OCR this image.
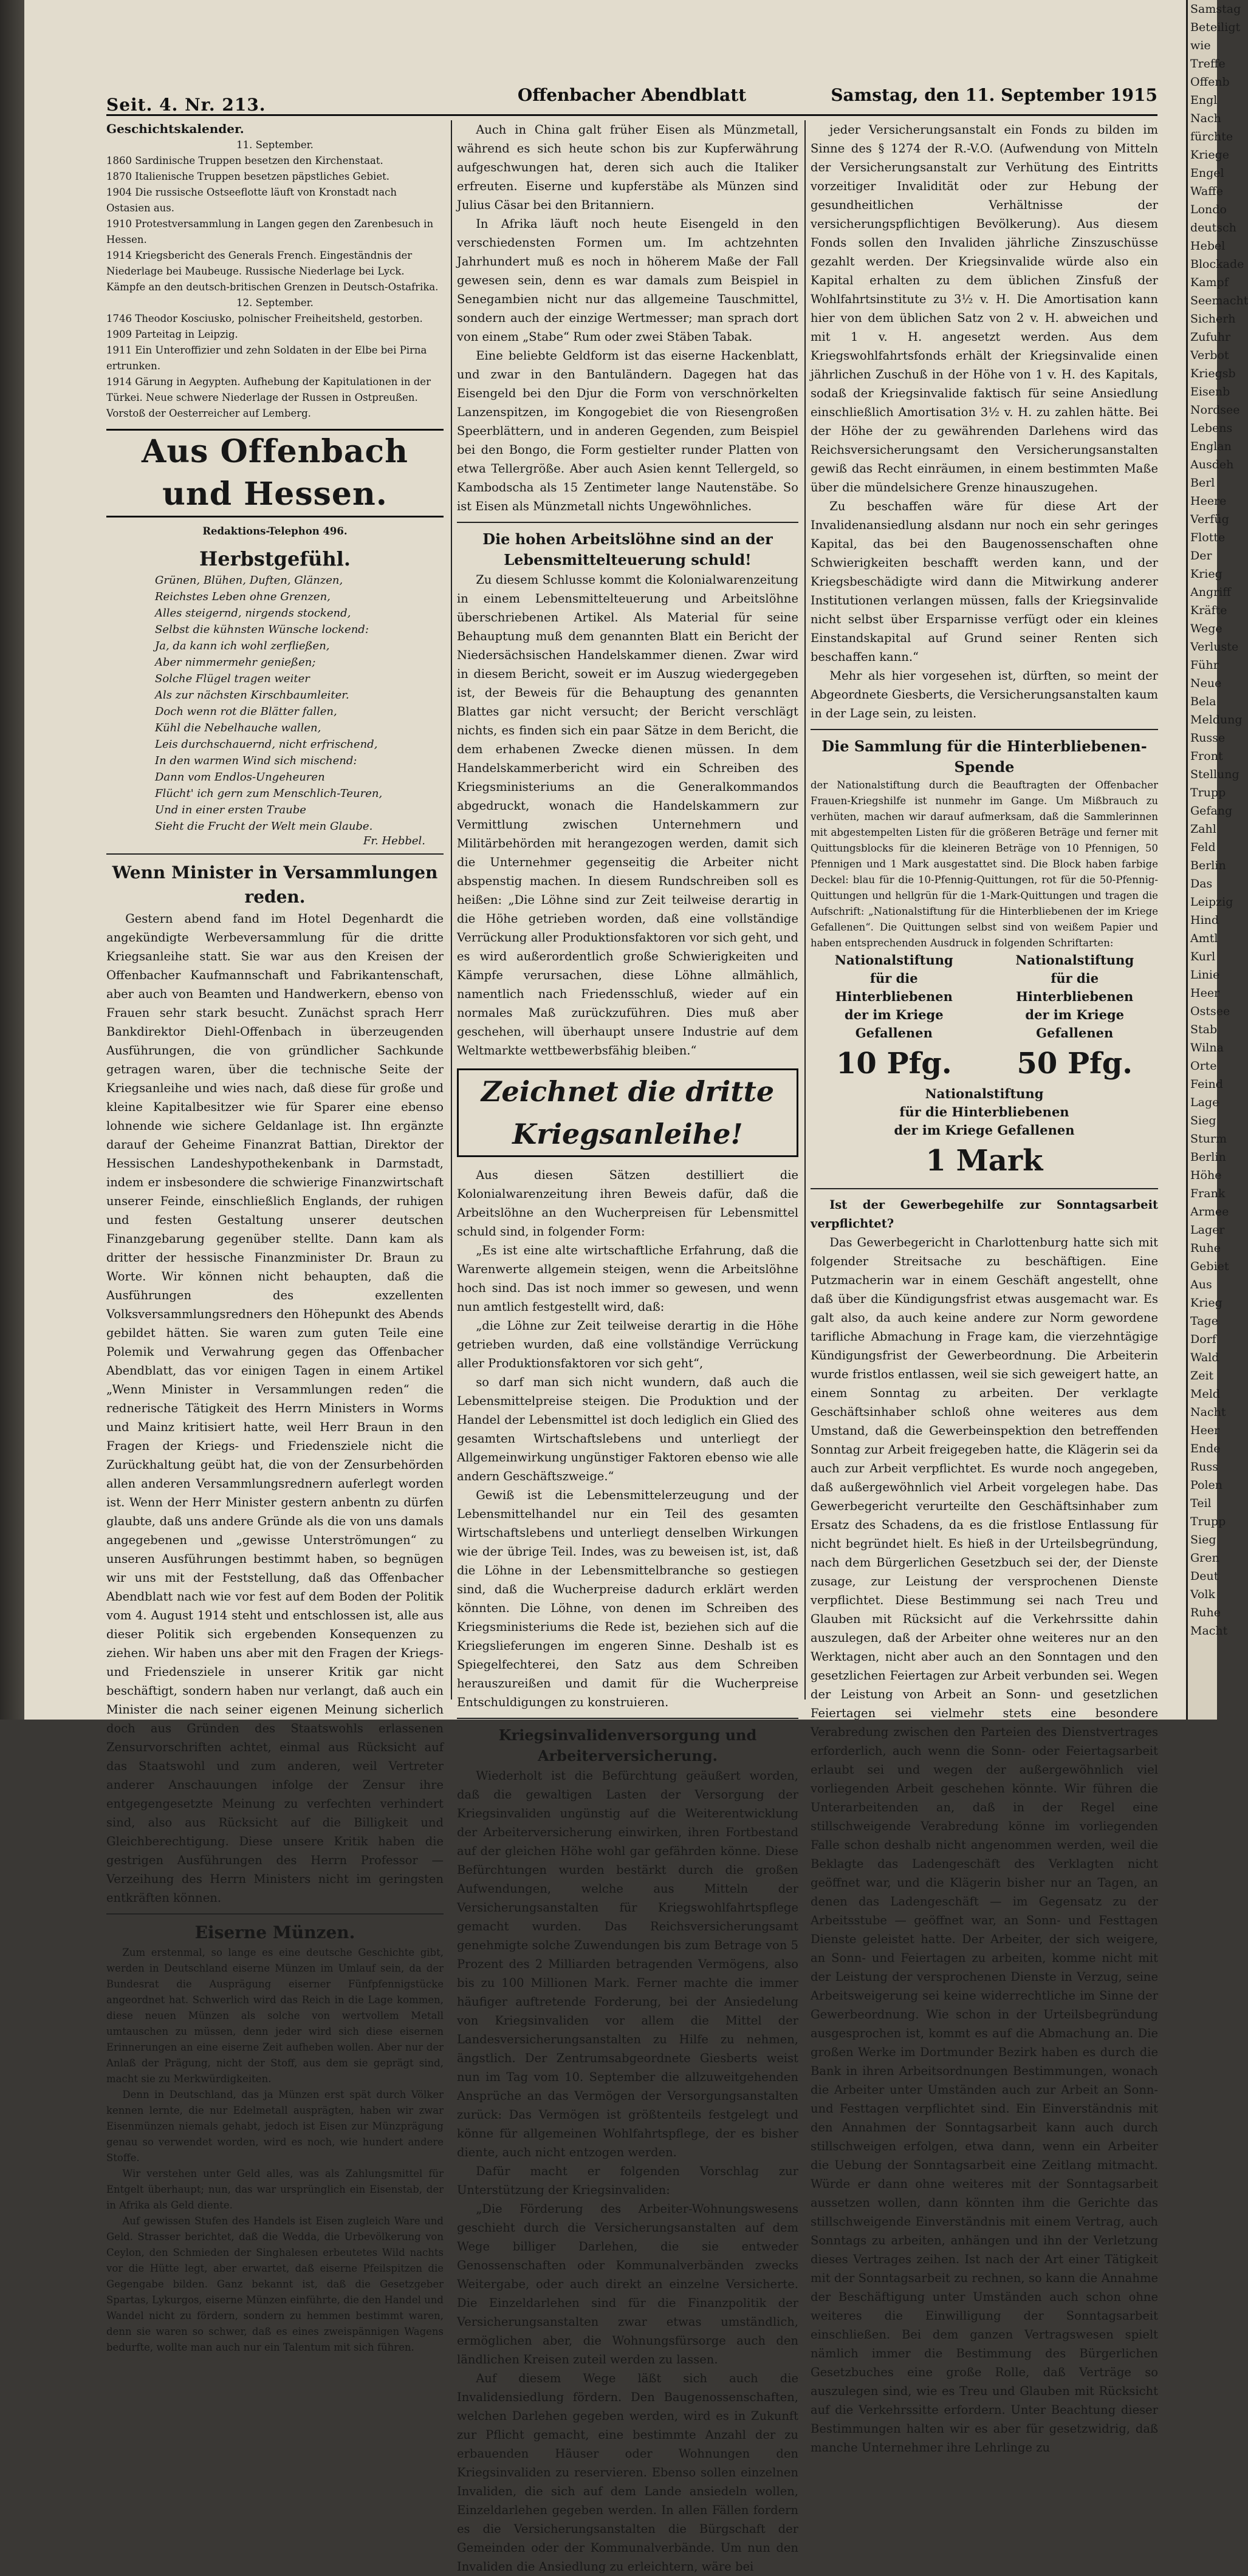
Samstag
Beteiligt
wie
Treffe
Offenb
Engl
Nach
fürchte
Kriege
Engel
Waffe
Londo
deutsch
Hebel
Blockade
Kampf
Seemacht
Sicherh
Zufuhr
Verbot
Kriegsb
Eisenb
Nordsee
Lebens
Englan
Ausdeh
Berl
Heere
Verfüg
Flotte
Der
Krieg
Angriff
Kräfte
Wege
Verluste
Führ
Neue
Bela
Meldung
Russe
Front
Stellung
Trupp
Gefang
Zahl
Feld
Berlin
Das
Leipzig
Hind
Amtl
Kurl
Linie
Heer
Ostsee
Stab
Wilna
Orte
Feind
Lage
Sieg
Sturm
Berlin
Höhe
Frank
Armee
Lager
Ruhe
Gebiet
Aus
Krieg
Tage
Dorf
Wald
Zeit
Meld
Nacht
Heer
Ende
Russ
Polen
Teil
Trupp
Sieg
Gren
Deut
Volk
Ruhe
Macht
Seit. 4. Nr. 213.	Offenbacher Abendblatt	Samstag, den 11. September 1915
Geschichtskalender.
11. September.

1860 Sardinische Truppen besetzen den Kirchenstaat.

1870 Italienische Truppen besetzen päpstliches Gebiet.

1904 Die russische Ostseeflotte läuft von Kronstadt nach Ostasien aus.

1910 Protestversammlung in Langen gegen den Zarenbesuch in Hessen.

1914 Kriegsbericht des Generals French. Eingeständnis der Niederlage bei Maubeuge. Russische Niederlage bei Lyck. Kämpfe an den deutsch-britischen Grenzen in Deutsch-Ostafrika.

12. September.

1746 Theodor Kosciusko, polnischer Freiheitsheld, gestorben.

1909 Parteitag in Leipzig.

1911 Ein Unteroffizier und zehn Soldaten in der Elbe bei Pirna ertrunken.

1914 Gärung in Aegypten. Aufhebung der Kapitulationen in der Türkei. Neue schwere Niederlage der Russen in Ostpreußen. Vorstoß der Oesterreicher auf Lemberg.

Aus Offenbach und Hessen.
Redaktions-Telephon 496.
Herbstgefühl.

Grünen, Blühen, Duften, Glänzen,

Reichstes Leben ohne Grenzen,

Alles steigernd, nirgends stockend,

Selbst die kühnsten Wünsche lockend:

Ja, da kann ich wohl zerfließen,

Aber nimmermehr genießen;

Solche Flügel tragen weiter

Als zur nächsten Kirschbaumleiter.

Doch wenn rot die Blätter fallen,

Kühl die Nebelhauche wallen,

Leis durchschauernd, nicht erfrischend,

In den warmen Wind sich mischend:

Dann vom Endlos-Ungeheuren

Flücht' ich gern zum Menschlich-Teuren,

Und in einer ersten Traube

Sieht die Frucht der Welt mein Glaube.

Fr. Hebbel.
Wenn Minister in Versammlungen reden.

Gestern abend fand im Hotel Degenhardt die angekündigte Werbeversammlung für die dritte Kriegsanleihe statt. Sie war aus den Kreisen der Offenbacher Kaufmannschaft und Fabrikantenschaft, aber auch von Beamten und Handwerkern, ebenso von Frauen sehr stark besucht. Zunächst sprach Herr Bankdirektor Diehl-Offenbach in überzeugenden Ausführungen, die von gründlicher Sachkunde getragen waren, über die technische Seite der Kriegsanleihe und wies nach, daß diese für große und kleine Kapitalbesitzer wie für Sparer eine ebenso lohnende wie sichere Geldanlage ist. Ihn ergänzte darauf der Geheime Finanzrat Battian, Direktor der Hessischen Landeshypothekenbank in Darmstadt, indem er insbesondere die schwierige Finanzwirtschaft unserer Feinde, einschließlich Englands, der ruhigen und festen Gestaltung unserer deutschen Finanzgebarung gegenüber stellte. Dann kam als dritter der hessische Finanzminister Dr. Braun zu Worte. Wir können nicht behaupten, daß die Ausführungen des exzellenten Volksversammlungsredners den Höhepunkt des Abends gebildet hätten. Sie waren zum guten Teile eine Polemik und Verwahrung gegen das Offenbacher Abendblatt, das vor einigen Tagen in einem Artikel „Wenn Minister in Versammlungen reden“ die rednerische Tätigkeit des Herrn Ministers in Worms und Mainz kritisiert hatte, weil Herr Braun in den Fragen der Kriegs- und Friedensziele nicht die Zurückhaltung geübt hat, die von der Zensurbehörden allen anderen Versammlungsrednern auferlegt worden ist. Wenn der Herr Minister gestern anbentn zu dürfen glaubte, daß uns andere Gründe als die von uns damals angegebenen und „gewisse Unterströmungen“ zu unseren Ausführungen bestimmt haben, so begnügen wir uns mit der Feststellung, daß das Offenbacher Abendblatt nach wie vor fest auf dem Boden der Politik vom 4. August 1914 steht und entschlossen ist, alle aus dieser Politik sich ergebenden Konsequenzen zu ziehen. Wir haben uns aber mit den Fragen der Kriegs- und Friedensziele in unserer Kritik gar nicht beschäftigt, sondern haben nur verlangt, daß auch ein Minister die nach seiner eigenen Meinung sicherlich doch aus Gründen des Staatswohls erlassenen Zensurvorschriften achtet, einmal aus Rücksicht auf das Staatswohl und zum anderen, weil Vertreter anderer Anschauungen infolge der Zensur ihre entgegengesetzte Meinung zu verfechten verhindert sind, also aus Rücksicht auf die Billigkeit und Gleichberechtigung. Diese unsere Kritik haben die gestrigen Ausführungen des Herrn Professor — Verzeihung des Herrn Ministers nicht im geringsten entkräften können.

Eiserne Münzen.

Zum erstenmal, so lange es eine deutsche Geschichte gibt, werden in Deutschland eiserne Münzen im Umlauf sein, da der Bundesrat die Ausprägung eiserner Fünfpfennigstücke angeordnet hat. Schwerlich wird das Reich in die Lage kommen, diese neuen Münzen als solche von wertvollem Metall umtauschen zu müssen, denn jeder wird sich diese eisernen Erinnerungen an eine eiserne Zeit aufheben wollen. Aber nur der Anlaß der Prägung, nicht der Stoff, aus dem sie geprägt sind, macht sie zu Merkwürdigkeiten.

Denn in Deutschland, das ja Münzen erst spät durch Völker kennen lernte, die nur Edelmetall ausprägten, haben wir zwar Eisenmünzen niemals gehabt, jedoch ist Eisen zur Münzprägung genau so verwendet worden, wird es noch, wie hundert andere Stoffe.

Wir verstehen unter Geld alles, was als Zahlungsmittel für Entgelt überhaupt; nun, das war ursprünglich ein Eisenstab, der in Afrika als Geld diente.

Auf gewissen Stufen des Handels ist Eisen zugleich Ware und Geld. Strasser berichtet, daß die Wedda, die Urbevölkerung von Ceylon, den Schmieden der Singhalesen erbeutetes Wild nachts vor die Hütte legt, aber erwartet, daß eiserne Pfeilspitzen die Gegengabe bilden. Ganz bekannt ist, daß die Gesetzgeber Spartas, Lykurgos, eiserne Münzen einführte, die den Handel und Wandel nicht zu fördern, sondern zu hemmen bestimmt waren, denn sie waren so schwer, daß es eines zweispännigen Wagens bedurfte, wollte man auch nur ein Talentum mit sich führen.

Auch in China galt früher Eisen als Münzmetall, während es sich heute schon bis zur Kupferwährung aufgeschwungen hat, deren sich auch die Italiker erfreuten. Eiserne und kupferstäbe als Münzen sind Julius Cäsar bei den Britanniern.

In Afrika läuft noch heute Eisengeld in den verschiedensten Formen um. Im achtzehnten Jahrhundert muß es noch in höherem Maße der Fall gewesen sein, denn es war damals zum Beispiel in Senegambien nicht nur das allgemeine Tauschmittel, sondern auch der einzige Wertmesser; man sprach dort von einem „Stabe“ Rum oder zwei Stäben Tabak.

Eine beliebte Geldform ist das eiserne Hackenblatt, und zwar in den Bantuländern. Dagegen hat das Eisengeld bei den Djur die Form von verschnörkelten Lanzenspitzen, im Kongogebiet die von Riesengroßen Speerblättern, und in anderen Gegenden, zum Beispiel bei den Bongo, die Form gestielter runder Platten von etwa Tellergröße. Aber auch Asien kennt Tellergeld, so Kambodscha als 15 Zentimeter lange Nautenstäbe. So ist Eisen als Münzmetall nichts Ungewöhnliches.

Die hohen Arbeitslöhne sind an der Lebensmittelteuerung schuld!

Zu diesem Schlusse kommt die Kolonialwarenzeitung in einem Lebensmittelteuerung und Arbeitslöhne überschriebenen Artikel. Als Material für seine Behauptung muß dem genannten Blatt ein Bericht der Niedersächsischen Handelskammer dienen. Zwar wird in diesem Bericht, soweit er im Auszug wiedergegeben ist, der Beweis für die Behauptung des genannten Blattes gar nicht versucht; der Bericht verschlägt nichts, es finden sich ein paar Sätze in dem Bericht, die dem erhabenen Zwecke dienen müssen. In dem Handelskammerbericht wird ein Schreiben des Kriegsministeriums an die Generalkommandos abgedruckt, wonach die Handelskammern zur Vermittlung zwischen Unternehmern und Militärbehörden mit herangezogen werden, damit sich die Unternehmer gegenseitig die Arbeiter nicht abspenstig machen. In diesem Rundschreiben soll es heißen: „Die Löhne sind zur Zeit teilweise derartig in die Höhe getrieben worden, daß eine vollständige Verrückung aller Produktionsfaktoren vor sich geht, und es wird außerordentlich große Schwierigkeiten und Kämpfe verursachen, diese Löhne allmählich, namentlich nach Friedensschluß, wieder auf ein normales Maß zurückzuführen. Dies muß aber geschehen, will überhaupt unsere Industrie auf dem Weltmarkte wettbewerbsfähig bleiben.“

Zeichnet die dritte Kriegsanleihe!

Aus diesen Sätzen destilliert die Kolonialwarenzeitung ihren Beweis dafür, daß die Arbeitslöhne an den Wucherpreisen für Lebensmittel schuld sind, in folgender Form:

„Es ist eine alte wirtschaftliche Erfahrung, daß die Warenwerte allgemein steigen, wenn die Arbeitslöhne hoch sind. Das ist noch immer so gewesen, und wenn nun amtlich festgestellt wird, daß:

„die Löhne zur Zeit teilweise derartig in die Höhe getrieben wurden, daß eine vollständige Verrückung aller Produktionsfaktoren vor sich geht“,

so darf man sich nicht wundern, daß auch die Lebensmittelpreise steigen. Die Produktion und der Handel der Lebensmittel ist doch lediglich ein Glied des gesamten Wirtschaftslebens und unterliegt der Allgemeinwirkung ungünstiger Faktoren ebenso wie alle andern Geschäftszweige.“

Gewiß ist die Lebensmittelerzeugung und der Lebensmittelhandel nur ein Teil des gesamten Wirtschaftslebens und unterliegt denselben Wirkungen wie der übrige Teil. Indes, was zu beweisen ist, ist, daß die Löhne in der Lebensmittelbranche so gestiegen sind, daß die Wucherpreise dadurch erklärt werden könnten. Die Löhne, von denen im Schreiben des Kriegsministeriums die Rede ist, beziehen sich auf die Kriegslieferungen im engeren Sinne. Deshalb ist es Spiegelfechterei, den Satz aus dem Schreiben herauszureißen und damit für die Wucherpreise Entschuldigungen zu konstruieren.

Kriegsinvalidenversorgung und Arbeiterversicherung.

Wiederholt ist die Befürchtung geäußert worden, daß die gewaltigen Lasten der Versorgung der Kriegsinvaliden ungünstig auf die Weiterentwicklung der Arbeiterversicherung einwirken, ihren Fortbestand auf der gleichen Höhe wohl gar gefährden könne. Diese Befürchtungen wurden bestärkt durch die großen Aufwendungen, welche aus Mitteln der Versicherungsanstalten für Kriegswohlfahrtspflege gemacht wurden. Das Reichsversicherungsamt genehmigte solche Zuwendungen bis zum Betrage von 5 Prozent des 2 Milliarden betragenden Vermögens, also bis zu 100 Millionen Mark. Ferner machte die immer häufiger auftretende Forderung, bei der Ansiedelung von Kriegsinvaliden vor allem die Mittel der Landesversicherungsanstalten zu Hilfe zu nehmen, ängstlich. Der Zentrumsabgeordnete Giesberts weist nun im Tag vom 10. September die allzuweitgehenden Ansprüche an das Vermögen der Versorgungsanstalten zurück: Das Vermögen ist größtenteils festgelegt und könne für allgemeinen Wohlfahrtspflege, der es bisher diente, auch nicht entzogen werden.

Dafür macht er folgenden Vorschlag zur Unterstützung der Kriegsinvaliden:

„Die Förderung des Arbeiter-Wohnungswesens geschieht durch die Versicherungsanstalten auf dem Wege billiger Darlehen, die sie entweder Genossenschaften oder Kommunalverbänden zwecks Weitergabe, oder auch direkt an einzelne Versicherte. Die Einzeldarlehen sind für die Finanzpolitik der Versicherungsanstalten zwar etwas umständlich, ermöglichen aber, die Wohnungsfürsorge auch den ländlichen Kreisen zuteil werden zu lassen.

Auf diesem Wege läßt sich auch die Invalidensiedlung fördern. Den Baugenossenschaften, welchen Darlehen gegeben werden, wird es in Zukunft zur Pflicht gemacht, eine bestimmte Anzahl der zu erbauenden Häuser oder Wohnungen den Kriegsinvaliden zu reservieren. Ebenso sollen einzelnen Invaliden, die sich auf dem Lande ansiedeln wollen, Einzeldarlehen gegeben werden. In allen Fällen fordern es die Versicherungsanstalten die Bürgschaft der Gemeinden oder der Kommunalverbände. Um nun den Invaliden die Ansiedlung zu erleichtern, wäre bei

jeder Versicherungsanstalt ein Fonds zu bilden im Sinne des § 1274 der R.-V.O. (Aufwendung von Mitteln der Versicherungsanstalt zur Verhütung des Eintritts vorzeitiger Invalidität oder zur Hebung der gesundheitlichen Verhältnisse der versicherungspflichtigen Bevölkerung). Aus diesem Fonds sollen den Invaliden jährliche Zinszuschüsse gezahlt werden. Der Kriegsinvalide würde also ein Kapital erhalten zu dem üblichen Zinsfuß der Wohlfahrtsinstitute zu 3½ v. H. Die Amortisation kann hier von dem üblichen Satz von 2 v. H. abweichen und mit 1 v. H. angesetzt werden. Aus dem Kriegswohlfahrtsfonds erhält der Kriegsinvalide einen jährlichen Zuschuß in der Höhe von 1 v. H. des Kapitals, sodaß der Kriegsinvalide faktisch für seine Ansiedlung einschließlich Amortisation 3½ v. H. zu zahlen hätte. Bei der Höhe der zu gewährenden Darlehens wird das Reichsversicherungsamt den Versicherungsanstalten gewiß das Recht einräumen, in einem bestimmten Maße über die mündelsichere Grenze hinauszugehen.

Zu beschaffen wäre für diese Art der Invalidenansiedlung alsdann nur noch ein sehr geringes Kapital, das bei den Baugenossenschaften ohne Schwierigkeiten beschafft werden kann, und der Kriegsbeschädigte wird dann die Mitwirkung anderer Institutionen verlangen müssen, falls der Kriegsinvalide nicht selbst über Ersparnisse verfügt oder ein kleines Einstandskapital auf Grund seiner Renten sich beschaffen kann.“

Mehr als hier vorgesehen ist, dürften, so meint der Abgeordnete Giesberts, die Versicherungsanstalten kaum in der Lage sein, zu leisten.

Die Sammlung für die Hinterbliebenen-Spende

der Nationalstiftung durch die Beauftragten der Offenbacher Frauen-Kriegshilfe ist nunmehr im Gange. Um Mißbrauch zu verhüten, machen wir darauf aufmerksam, daß die Sammlerinnen mit abgestempelten Listen für die größeren Beträge und ferner mit Quittungsblocks für die kleineren Beträge von 10 Pfennigen, 50 Pfennigen und 1 Mark ausgestattet sind. Die Block haben farbige Deckel: blau für die 10-Pfennig-Quittungen, rot für die 50-Pfennig-Quittungen und hellgrün für die 1-Mark-Quittungen und tragen die Aufschrift: „Nationalstiftung für die Hinterbliebenen der im Kriege Gefallenen“. Die Quittungen selbst sind von weißem Papier und haben entsprechenden Ausdruck in folgenden Schriftarten:

Nationalstiftung
für die Hinterbliebenen
der im Kriege Gefallenen
10 Pfg.
Nationalstiftung
für die Hinterbliebenen
der im Kriege Gefallenen
50 Pfg.
Nationalstiftung
für die Hinterbliebenen
der im Kriege Gefallenen
1 Mark
Ist der Gewerbegehilfe zur Sonntagsarbeit verpflichtet?

Das Gewerbegericht in Charlottenburg hatte sich mit folgender Streitsache zu beschäftigen. Eine Putzmacherin war in einem Geschäft angestellt, ohne daß über die Kündigungsfrist etwas ausgemacht war. Es galt also, da auch keine andere zur Norm gewordene tarifliche Abmachung in Frage kam, die vierzehntägige Kündigungsfrist der Gewerbeordnung. Die Arbeiterin wurde fristlos entlassen, weil sie sich geweigert hatte, an einem Sonntag zu arbeiten. Der verklagte Geschäftsinhaber schloß ohne weiteres aus dem Umstand, daß die Gewerbeinspektion den betreffenden Sonntag zur Arbeit freigegeben hatte, die Klägerin sei da auch zur Arbeit verpflichtet. Es wurde noch angegeben, daß außergewöhnlich viel Arbeit vorgelegen habe. Das Gewerbegericht verurteilte den Geschäftsinhaber zum Ersatz des Schadens, da es die fristlose Entlassung für nicht begründet hielt. Es hieß in der Urteilsbegründung, nach dem Bürgerlichen Gesetzbuch sei der, der Dienste zusage, zur Leistung der versprochenen Dienste verpflichtet. Diese Bestimmung sei nach Treu und Glauben mit Rücksicht auf die Verkehrssitte dahin auszulegen, daß der Arbeiter ohne weiteres nur an den Werktagen, nicht aber auch an den Sonntagen und den gesetzlichen Feiertagen zur Arbeit verbunden sei. Wegen der Leistung von Arbeit an Sonn- und gesetzlichen Feiertagen sei vielmehr stets eine besondere Verabredung zwischen den Parteien des Dienstvertrages erforderlich, auch wenn die Sonn- oder Feiertagsarbeit erlaubt sei und wegen der außergewöhnlich viel vorliegenden Arbeit geschehen könnte. Wir führen die Unterarbeitenden an, daß in der Regel eine stillschweigende Verabredung könne im vorliegenden Falle schon deshalb nicht angenommen werden, weil die Beklagte das Ladengeschäft des Verklagten nicht geöffnet war, und die Klägerin bisher nur an Tagen, an denen das Ladengeschäft — im Gegensatz zu der Arbeitsstube — geöffnet war, an Sonn- und Festtagen Dienste geleistet hatte. Der Arbeiter, der sich weigere, an Sonn- und Feiertagen zu arbeiten, komme nicht mit der Leistung der versprochenen Dienste in Verzug, seine Arbeitsweigerung sei keine widerrechtliche im Sinne der Gewerbeordnung. Wie schon in der Urteilsbegründung ausgesprochen ist, kommt es auf die Abmachung an. Die großen Werke im Dortmunder Bezirk haben es durch die Bank in ihren Arbeitsordnungen Bestimmungen, wonach die Arbeiter unter Umständen auch zur Arbeit an Sonn- und Festtagen verpflichtet sind. Ein Einverständnis mit den Annahmen der Sonntagsarbeit kann auch durch stillschweigen erfolgen, etwa dann, wenn ein Arbeiter die Uebung der Sonntagsarbeit eine Zeitlang mitmacht. Würde er dann ohne weiteres mit der Sonntagsarbeit aussetzen wollen, dann könnten ihm die Gerichte das stillschweigende Einverständnis mit einem Vertrag, auch Sonntags zu arbeiten, anhängen und ihn der Verletzung dieses Vertrages zeihen. Ist nach der Art einer Tätigkeit mit der Sonntagsarbeit zu rechnen, so kann die Annahme der Beschäftigung unter Umständen auch schon ohne weiteres die Einwilligung der Sonntagsarbeit einschließen. Bei dem ganzen Vertragswesen spielt nämlich immer die Bestimmung des Bürgerlichen Gesetzbuches eine große Rolle, daß Verträge so auszulegen sind, wie es Treu und Glauben mit Rücksicht auf die Verkehrssitte erfordern. Unter Beachtung dieser Bestimmungen halten wir es aber für gesetzwidrig, daß manche Unternehmer ihre Lehrlinge zu
